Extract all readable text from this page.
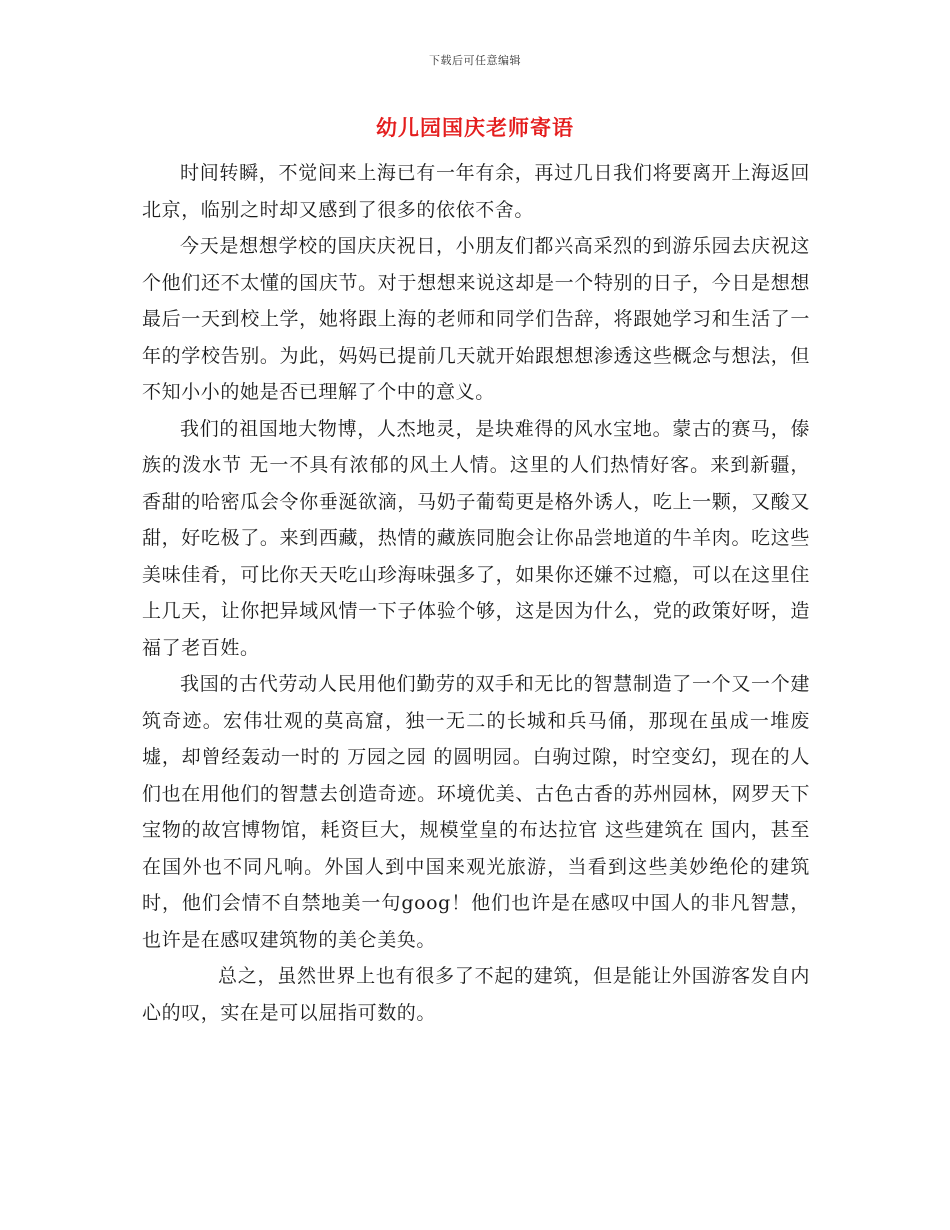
下载后可任意编辑
幼儿园国庆老师寄语

时间转瞬，不觉间来上海已有一年有余，再过几日我们将要离开上海返回北京，临别之时却又感到了很多的依依不舍。

今天是想想学校的国庆庆祝日，小朋友们都兴高采烈的到游乐园去庆祝这个他们还不太懂的国庆节。对于想想来说这却是一个特别的日子，今日是想想最后一天到校上学，她将跟上海的老师和同学们告辞，将跟她学习和生活了一年的学校告别。为此，妈妈已提前几天就开始跟想想渗透这些概念与想法，但不知小小的她是否已理解了个中的意义。

我们的祖国地大物博，人杰地灵，是块难得的风水宝地。蒙古的赛马，傣族的泼水节 无一不具有浓郁的风土人情。这里的人们热情好客。来到新疆，香甜的哈密瓜会令你垂涎欲滴，马奶子葡萄更是格外诱人，吃上一颗，又酸又甜，好吃极了。来到西藏，热情的藏族同胞会让你品尝地道的牛羊肉。吃这些美味佳肴，可比你天天吃山珍海味强多了，如果你还嫌不过瘾，可以在这里住上几天，让你把异域风情一下子体验个够，这是因为什么，党的政策好呀，造福了老百姓。

我国的古代劳动人民用他们勤劳的双手和无比的智慧制造了一个又一个建筑奇迹。宏伟壮观的莫高窟，独一无二的长城和兵马俑，那现在虽成一堆废墟，却曾经轰动一时的 万园之园 的圆明园。白驹过隙，时空变幻，现在的人们也在用他们的智慧去创造奇迹。环境优美、古色古香的苏州园林，网罗天下宝物的故宫博物馆，耗资巨大，规模堂皇的布达拉官 这些建筑在 国内，甚至在国外也不同凡响。外国人到中国来观光旅游，当看到这些美妙绝伦的建筑时，他们会情不自禁地美一句goog！他们也许是在感叹中国人的非凡智慧，也许是在感叹建筑物的美仑美奂。

总之，虽然世界上也有很多了不起的建筑，但是能让外国游客发自内心的叹，实在是可以屈指可数的。
